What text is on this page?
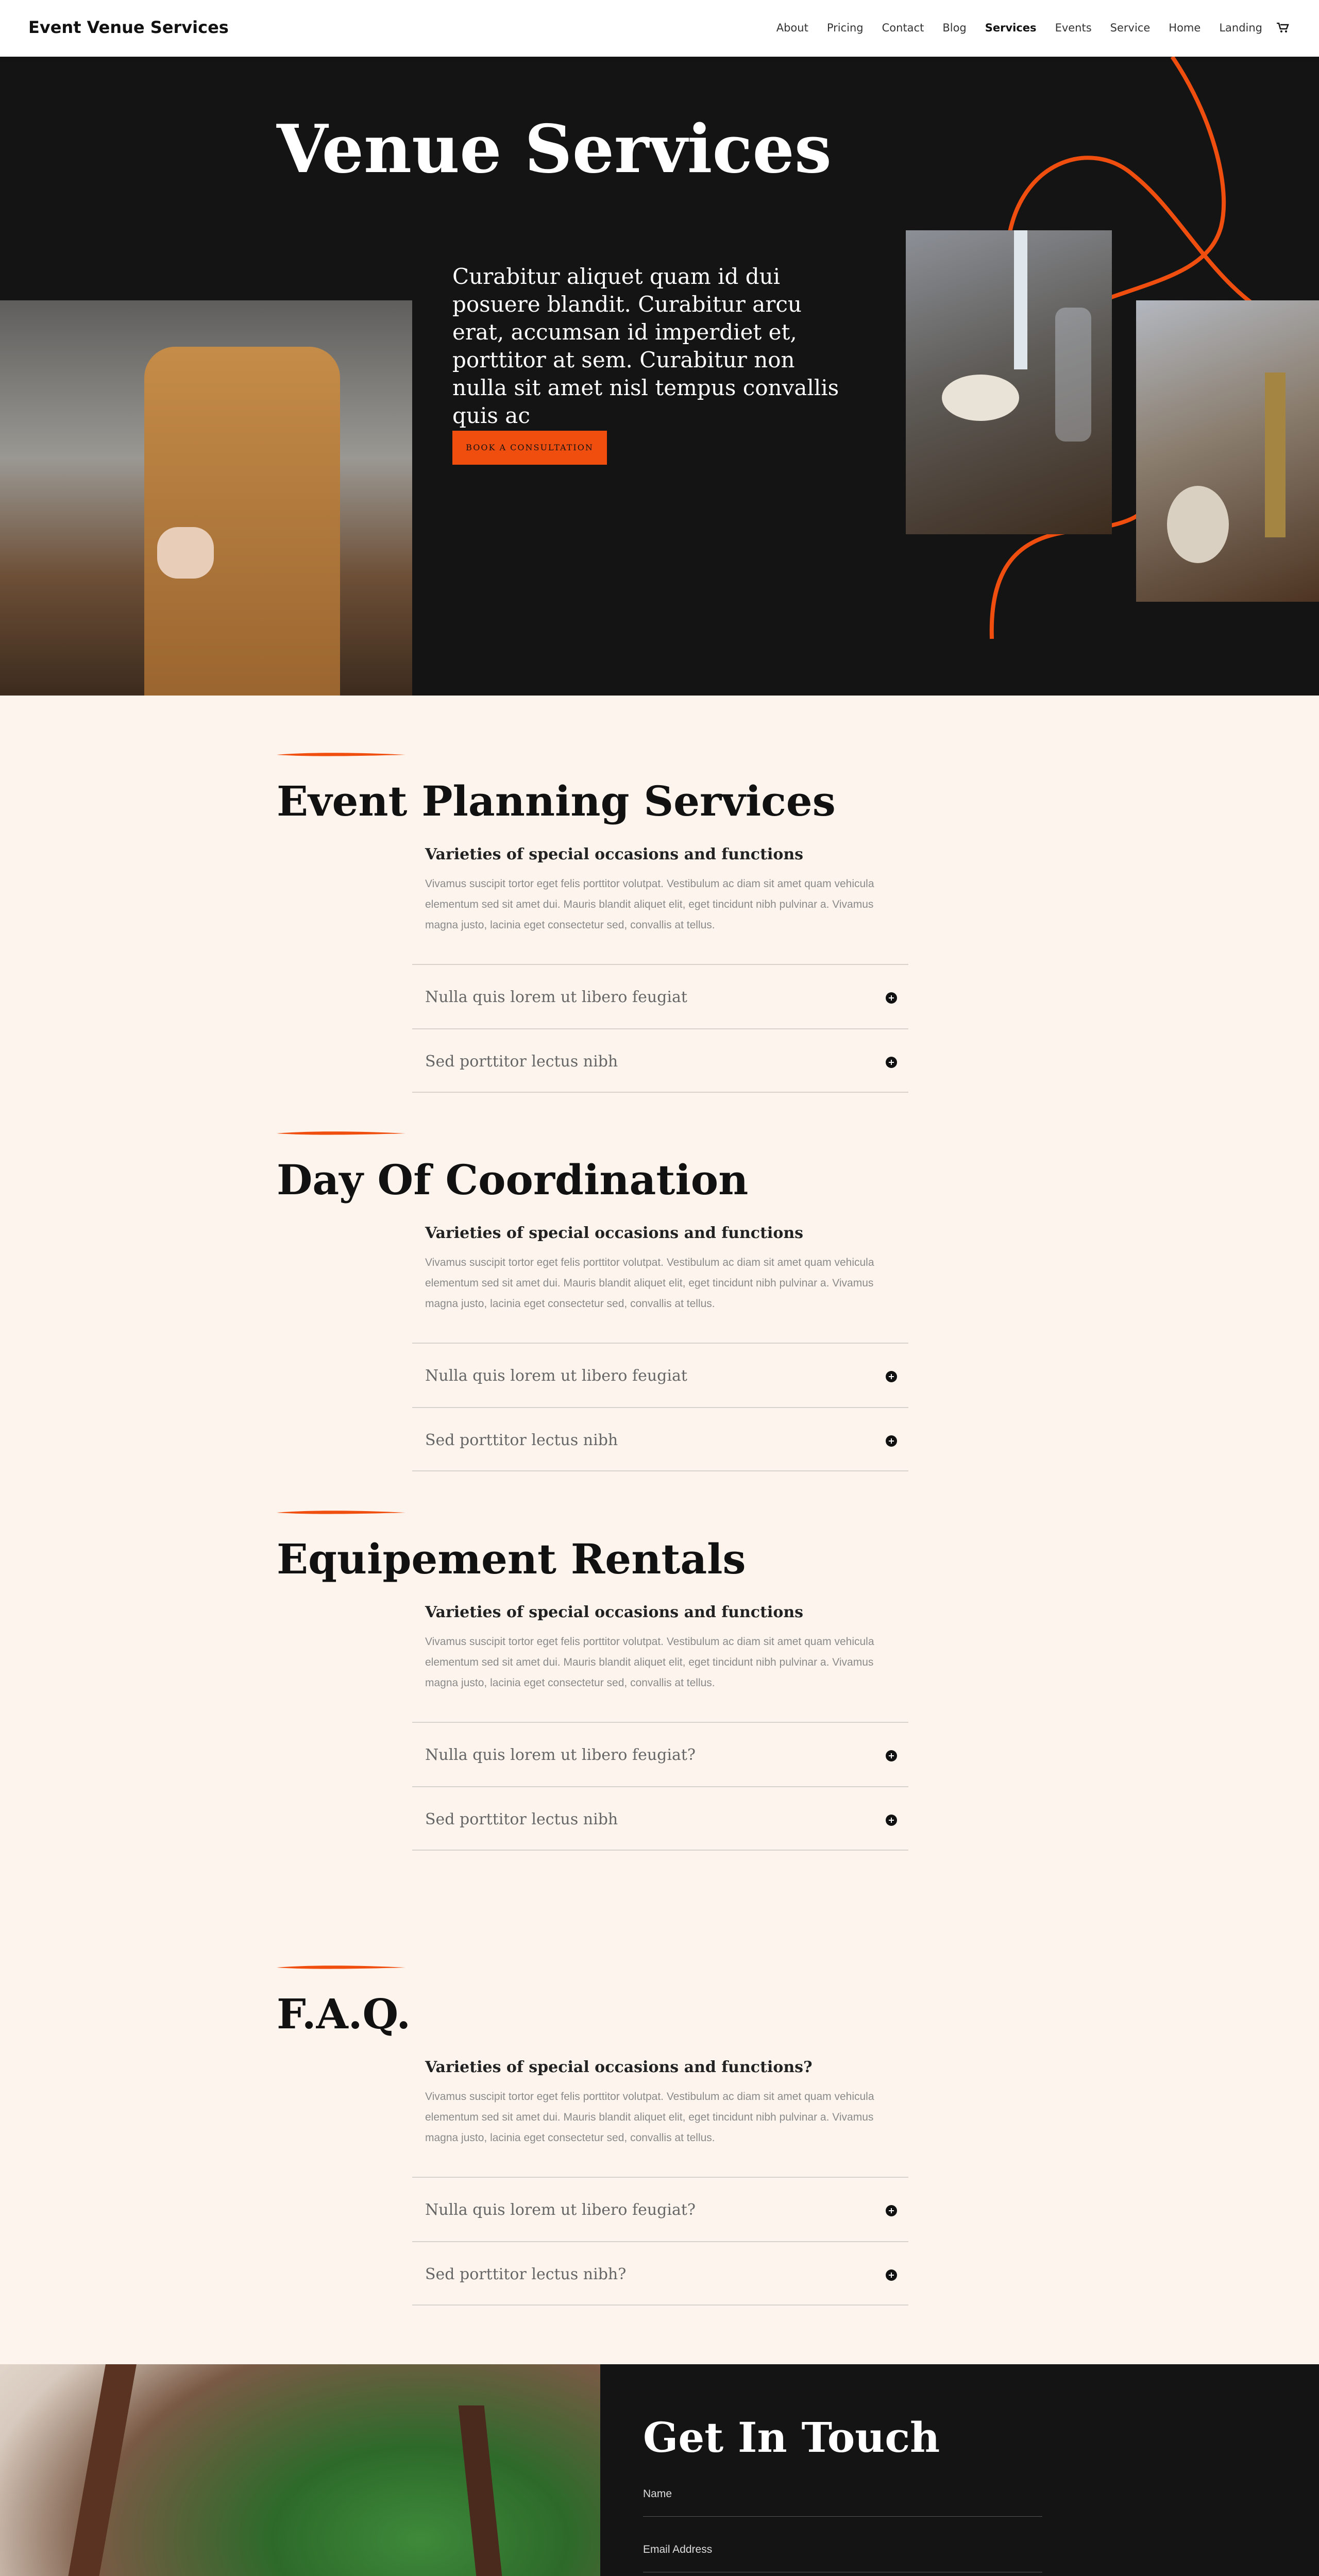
Event Venue Services	About Pricing Contact Blog Services Events Service Home Landing
Venue Services

Curabitur aliquet quam id dui posuere blandit. Curabitur arcu erat, accumsan id imperdiet et, porttitor at sem. Curabitur non nulla sit amet nisl tempus convallis quis ac

BOOK A CONSULTATION
Event Planning Services
Varieties of special occasions and functions

Vivamus suscipit tortor eget felis porttitor volutpat. Vestibulum ac diam sit amet quam vehicula elementum sed sit amet dui. Mauris blandit aliquet elit, eget tincidunt nibh pulvinar a. Vivamus magna justo, lacinia eget consectetur sed, convallis at tellus.

Nulla quis lorem ut libero feugiat
Sed porttitor lectus nibh
Day Of Coordination
Varieties of special occasions and functions

Vivamus suscipit tortor eget felis porttitor volutpat. Vestibulum ac diam sit amet quam vehicula elementum sed sit amet dui. Mauris blandit aliquet elit, eget tincidunt nibh pulvinar a. Vivamus magna justo, lacinia eget consectetur sed, convallis at tellus.

Nulla quis lorem ut libero feugiat
Sed porttitor lectus nibh
Equipement Rentals
Varieties of special occasions and functions

Vivamus suscipit tortor eget felis porttitor volutpat. Vestibulum ac diam sit amet quam vehicula elementum sed sit amet dui. Mauris blandit aliquet elit, eget tincidunt nibh pulvinar a. Vivamus magna justo, lacinia eget consectetur sed, convallis at tellus.

Nulla quis lorem ut libero feugiat?
Sed porttitor lectus nibh
F.A.Q.
Varieties of special occasions and functions?

Vivamus suscipit tortor eget felis porttitor volutpat. Vestibulum ac diam sit amet quam vehicula elementum sed sit amet dui. Mauris blandit aliquet elit, eget tincidunt nibh pulvinar a. Vivamus magna justo, lacinia eget consectetur sed, convallis at tellus.

Nulla quis lorem ut libero feugiat?
Sed porttitor lectus nibh?
Get In Touch
Name
Email Address
